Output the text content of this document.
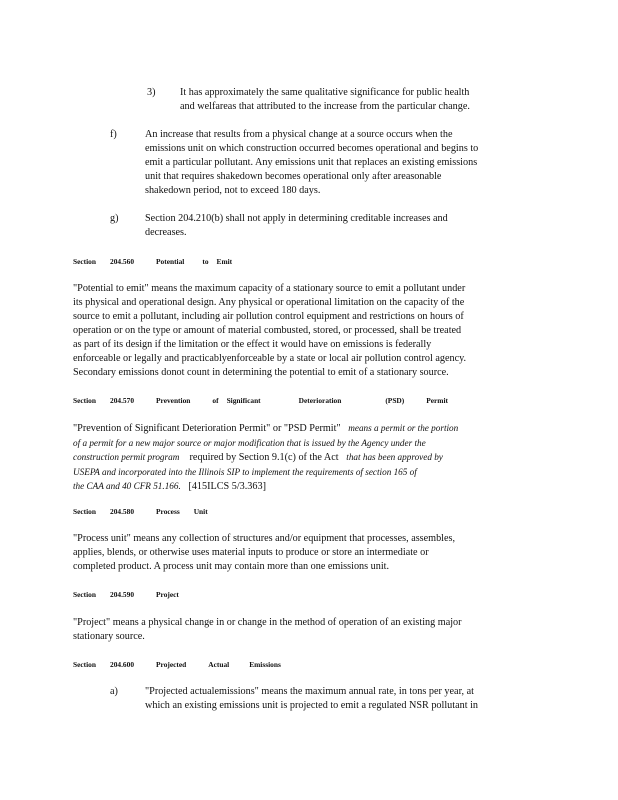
3) It has approximately the same qualitative significance for public health
and welfareas that attributed to the increase from the particular change.
f)	An increase that results from a physical change at a source occurs when the
emissions unit on which construction occurred becomes operational and begins to
emit a particular pollutant. Any emissions unit that replaces an existing emissions
unit that requires shakedown becomes operational only after areasonable
shakedown period, not to exceed 180 days.
g)	Section 204.210(b) shall not apply in determining creditable increases and
decreases.
Section 204.560	Potential to Emit
"Potential to emit" means the maximum capacity of a stationary source to emit a pollutant under
its physical and operational design. Any physical or operational limitation on the capacity of the
source to emit a pollutant, including air pollution control equipment and restrictions on hours of
operation or on the type or amount of material combusted, stored, or processed, shall be treated
as part of its design if the limitation or the effect it would have on emissions is federally
enforceable or legally and practicablyenforceable by a state or local air pollution control agency.
Secondary emissions donot count in determining the potential to emit of a stationary source.
Section 204.570	Prevention	of Significant	Deterioration	(PSD)	Permit
"Prevention of Significant Deterioration Permit" or "PSD Permit" means a permit or the portion
of a permit for a new major source or major modification that is issued by the Agency under the
construction permit program required by Section 9.1(c) of the Act that has been approved by
USEPA and incorporated into the Illinois SIP to implement the requirements of section 165 of
the CAA and 40 CFR 51.166. [415ILCS 5/3.363]
Section 204.580	Process Unit
"Process unit" means any collection of structures and/or equipment that processes, assembles,
applies, blends, or otherwise uses material inputs to produce or store an intermediate or
completed product. A process unit may contain more than one emissions unit.
Section 204.590	Project
"Project" means a physical change in or change in the method of operation of an existing major
stationary source.
Section 204.600	Projected	Actual	Emissions
a)	"Projected actualemissions" means the maximum annual rate, in tons per year, at
which an existing emissions unit is projected to emit a regulated NSR pollutant in
